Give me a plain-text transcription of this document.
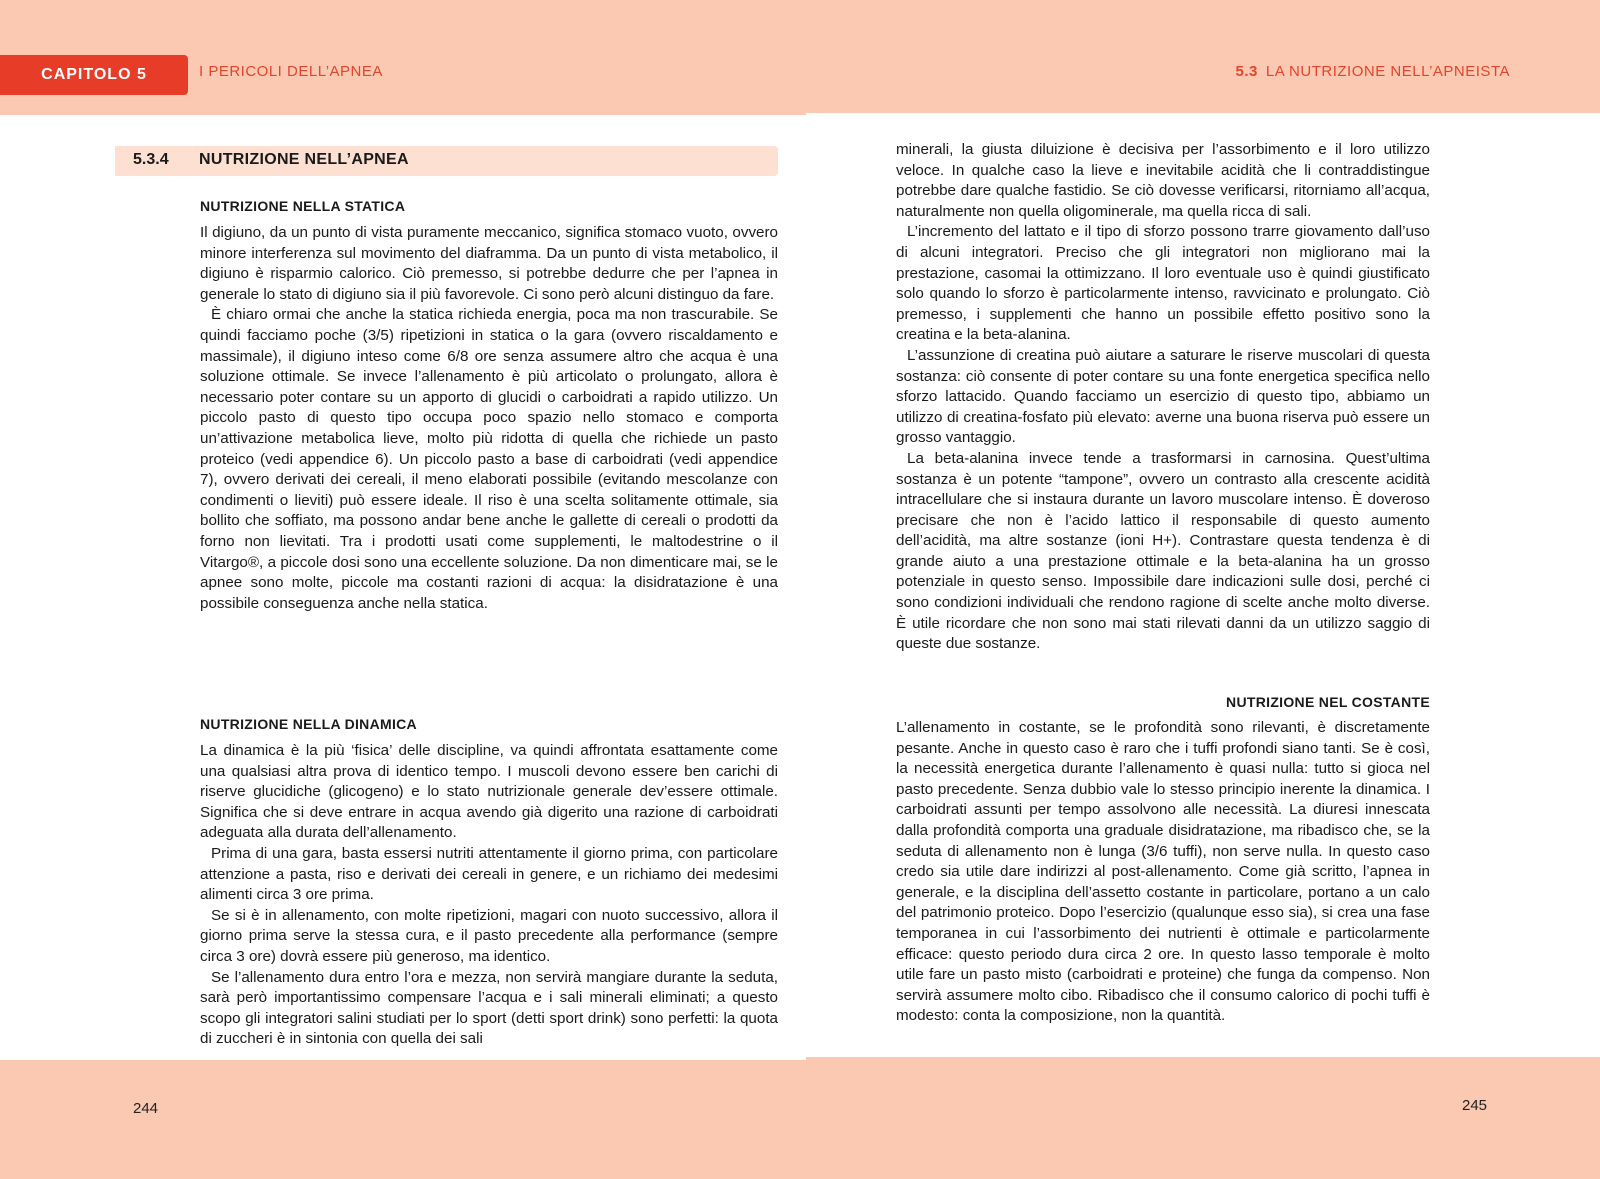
CAPITOLO 5	I PERICOLI DELL’APNEA	5.3 LA NUTRIZIONE NELL’APNEISTA
5.3.4 NUTRIZIONE NELL’APNEA
NUTRIZIONE NELLA STATICA

Il digiuno, da un punto di vista puramente meccanico, significa stomaco vuoto, ovvero minore interferenza sul movimento del diaframma. Da un punto di vista metabolico, il digiuno è risparmio calorico. Ciò premesso, si potrebbe dedurre che per l’apnea in generale lo stato di digiuno sia il più favorevole. Ci sono però alcuni distinguo da fare.

È chiaro ormai che anche la statica richieda energia, poca ma non trascurabile. Se quindi facciamo poche (3/5) ripetizioni in statica o la gara (ovvero riscaldamento e massimale), il digiuno inteso come 6/8 ore senza assumere altro che acqua è una soluzione ottimale. Se invece l’allenamento è più articolato o prolungato, allora è necessario poter contare su un apporto di glucidi o carboidrati a rapido utilizzo. Un piccolo pasto di questo tipo occupa poco spazio nello stomaco e comporta un’attivazione metabolica lieve, molto più ridotta di quella che richiede un pasto proteico (vedi appendice 6). Un piccolo pasto a base di carboidrati (vedi appendice 7), ovvero derivati dei cereali, il meno elaborati possibile (evitando mescolanze con condimenti o lieviti) può essere ideale. Il riso è una scelta solitamente ottimale, sia bollito che soffiato, ma possono andar bene anche le gallette di cereali o prodotti da forno non lievitati. Tra i prodotti usati come supplementi, le maltodestrine o il Vitargo®, a piccole dosi sono una eccellente soluzione. Da non dimenticare mai, se le apnee sono molte, piccole ma costanti razioni di acqua: la disidratazione è una possibile conseguenza anche nella statica.

NUTRIZIONE NELLA DINAMICA

La dinamica è la più ‘fisica’ delle discipline, va quindi affrontata esattamente come una qualsiasi altra prova di identico tempo. I muscoli devono essere ben carichi di riserve glucidiche (glicogeno) e lo stato nutrizionale generale dev’essere ottimale. Significa che si deve entrare in acqua avendo già digerito una razione di carboidrati adeguata alla durata dell’allenamento.

Prima di una gara, basta essersi nutriti attentamente il giorno prima, con particolare attenzione a pasta, riso e derivati dei cereali in genere, e un richiamo dei medesimi alimenti circa 3 ore prima.

Se si è in allenamento, con molte ripetizioni, magari con nuoto successivo, allora il giorno prima serve la stessa cura, e il pasto precedente alla performance (sempre circa 3 ore) dovrà essere più generoso, ma identico.

Se l’allenamento dura entro l’ora e mezza, non servirà mangiare durante la seduta, sarà però importantissimo compensare l’acqua e i sali minerali eliminati; a questo scopo gli integratori salini studiati per lo sport (detti sport drink) sono perfetti: la quota di zuccheri è in sintonia con quella dei sali

minerali, la giusta diluizione è decisiva per l’assorbimento e il loro utilizzo veloce. In qualche caso la lieve e inevitabile acidità che li contraddistingue potrebbe dare qualche fastidio. Se ciò dovesse verificarsi, ritorniamo all’acqua, naturalmente non quella oligominerale, ma quella ricca di sali.

L’incremento del lattato e il tipo di sforzo possono trarre giovamento dall’uso di alcuni integratori. Preciso che gli integratori non migliorano mai la prestazione, casomai la ottimizzano. Il loro eventuale uso è quindi giustificato solo quando lo sforzo è particolarmente intenso, ravvicinato e prolungato. Ciò premesso, i supplementi che hanno un possibile effetto positivo sono la creatina e la beta-alanina.

L’assunzione di creatina può aiutare a saturare le riserve muscolari di questa sostanza: ciò consente di poter contare su una fonte energetica specifica nello sforzo lattacido. Quando facciamo un esercizio di questo tipo, abbiamo un utilizzo di creatina-fosfato più elevato: averne una buona riserva può essere un grosso vantaggio.

La beta-alanina invece tende a trasformarsi in carnosina. Quest’ultima sostanza è un potente “tampone”, ovvero un contrasto alla crescente acidità intracellulare che si instaura durante un lavoro muscolare intenso. È doveroso precisare che non è l’acido lattico il responsabile di questo aumento dell’acidità, ma altre sostanze (ioni H+). Contrastare questa tendenza è di grande aiuto a una prestazione ottimale e la beta-alanina ha un grosso potenziale in questo senso. Impossibile dare indicazioni sulle dosi, perché ci sono condizioni individuali che rendono ragione di scelte anche molto diverse. È utile ricordare che non sono mai stati rilevati danni da un utilizzo saggio di queste due sostanze.

NUTRIZIONE NEL COSTANTE

L’allenamento in costante, se le profondità sono rilevanti, è discretamente pesante. Anche in questo caso è raro che i tuffi profondi siano tanti. Se è così, la necessità energetica durante l’allenamento è quasi nulla: tutto si gioca nel pasto precedente. Senza dubbio vale lo stesso principio inerente la dinamica. I carboidrati assunti per tempo assolvono alle necessità. La diuresi innescata dalla profondità comporta una graduale disidratazione, ma ribadisco che, se la seduta di allenamento non è lunga (3/6 tuffi), non serve nulla. In questo caso credo sia utile dare indirizzi al post-allenamento. Come già scritto, l’apnea in generale, e la disciplina dell’assetto costante in particolare, portano a un calo del patrimonio proteico. Dopo l’esercizio (qualunque esso sia), si crea una fase temporanea in cui l’assorbimento dei nutrienti è ottimale e particolarmente efficace: questo periodo dura circa 2 ore. In questo lasso temporale è molto utile fare un pasto misto (carboidrati e proteine) che funga da compenso. Non servirà assumere molto cibo. Ribadisco che il consumo calorico di pochi tuffi è modesto: conta la composizione, non la quantità.

244	245
